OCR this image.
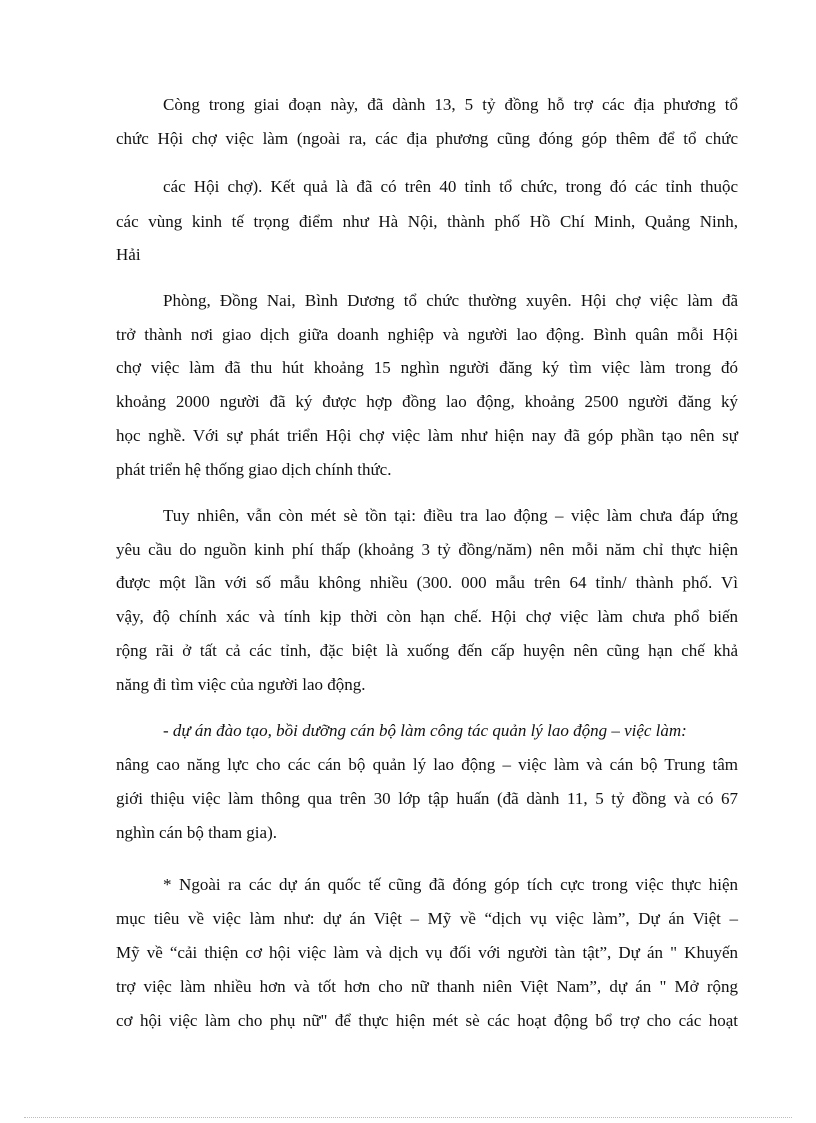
Còng trong giai đoạn này, đã dành 13, 5 tỷ đồng hỗ trợ các địa phương tổ
chức Hội chợ việc làm (ngoài ra, các địa phương cũng đóng góp thêm để tổ chức
các Hội chợ). Kết quả là đã có trên 40 tỉnh tổ chức, trong đó các tỉnh thuộc
các vùng kinh tế trọng điểm như Hà Nội, thành phố Hồ Chí Minh, Quảng Ninh,
Hải
Phòng, Đồng Nai, Bình Dương tổ chức thường xuyên. Hội chợ việc làm đã
trở thành nơi giao dịch giữa doanh nghiệp và người lao động. Bình quân mỗi Hội
chợ việc làm đã thu hút khoảng 15 nghìn người đăng ký tìm việc làm trong đó
khoảng 2000 người đã ký được hợp đồng lao động, khoảng 2500 người đăng ký
học nghề. Với sự phát triển Hội chợ việc làm như hiện nay đã góp phần tạo nên sự
phát triển hệ thống giao dịch chính thức.
Tuy nhiên, vẫn còn mét sè tồn tại: điều tra lao động – việc làm chưa đáp ứng
yêu cầu do nguồn kinh phí thấp (khoảng 3 tỷ đồng/năm) nên mỗi năm chỉ thực hiện
được một lần với số mẫu không nhiều (300. 000 mẫu trên 64 tỉnh/ thành phố. Vì
vậy, độ chính xác và tính kịp thời còn hạn chế. Hội chợ việc làm chưa phổ biến
rộng rãi ở tất cả các tỉnh, đặc biệt là xuống đến cấp huyện nên cũng hạn chế khả
năng đi tìm việc của người lao động.
- dự án đào tạo, bồi dưỡng cán bộ làm công tác quản lý lao động – việc làm:
nâng cao năng lực cho các cán bộ quản lý lao động – việc làm và cán bộ Trung tâm
giới thiệu việc làm thông qua trên 30 lớp tập huấn (đã dành 11, 5 tỷ đồng và có 67
nghìn cán bộ tham gia).
* Ngoài ra các dự án quốc tế cũng đã đóng góp tích cực trong việc thực hiện
mục tiêu về việc làm như: dự án Việt – Mỹ về “dịch vụ việc làm”, Dự án Việt –
Mỹ về “cải thiện cơ hội việc làm và dịch vụ đối với người tàn tật”, Dự án " Khuyến
trợ việc làm nhiều hơn và tốt hơn cho nữ thanh niên Việt Nam”, dự án " Mở rộng
cơ hội việc làm cho phụ nữ" để thực hiện mét sè các hoạt động bổ trợ cho các hoạt
